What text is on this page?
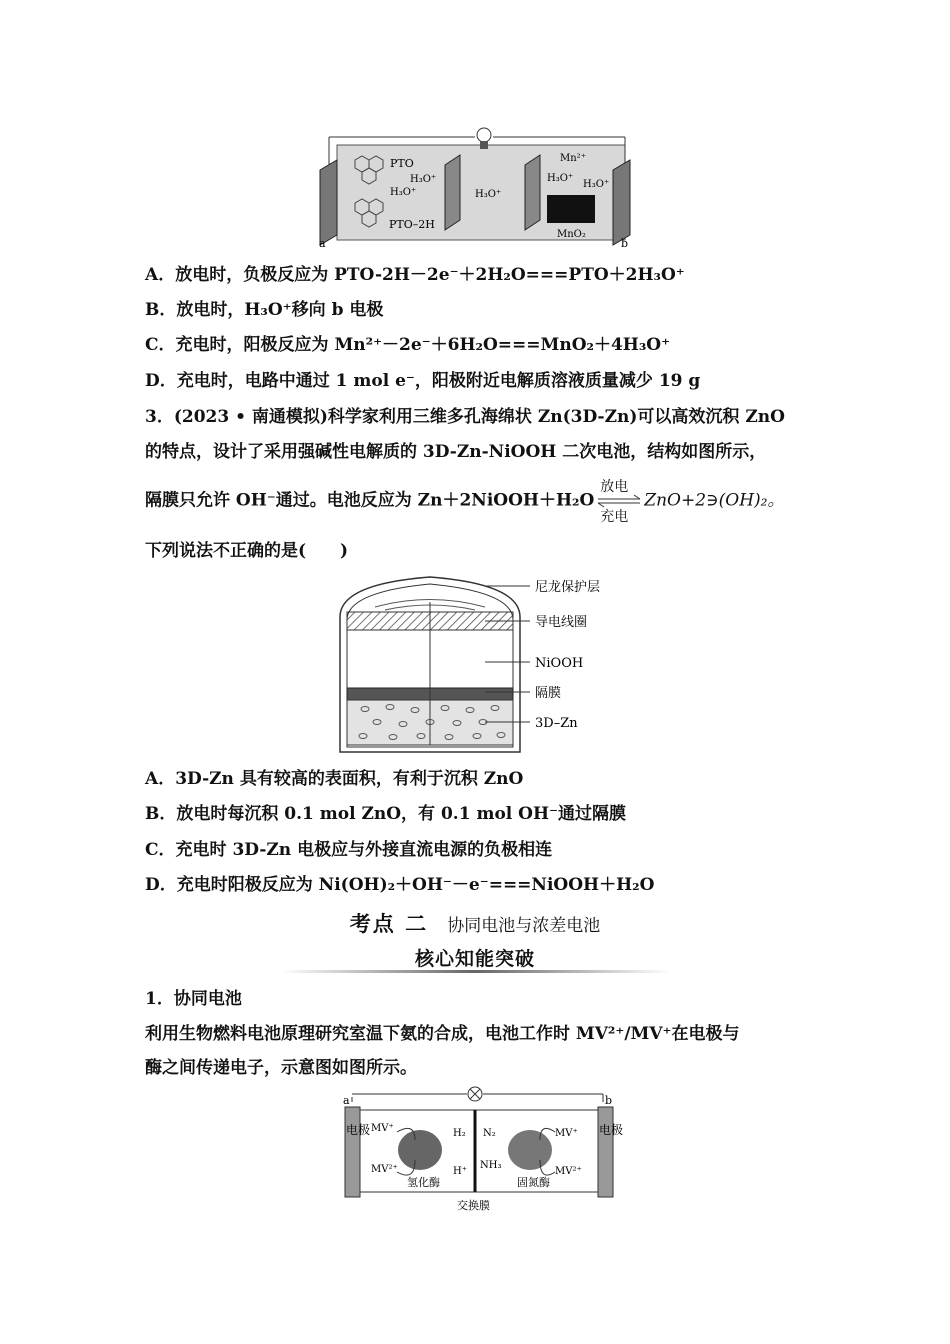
PTO
PTO–2H
H₃O⁺
H₃O⁺	H₃O⁺
Mn²⁺
H₃O⁺
H₃O⁺
MnO₂
a	b
A．放电时，负极反应为 PTO-2H－2e⁻＋2H₂O===PTO＋2H₃O⁺
B．放电时，H₃O⁺移向 b 电极
C．充电时，阳极反应为 Mn²⁺－2e⁻＋6H₂O===MnO₂＋4H₃O⁺
D．充电时，电路中通过 1 mol e⁻，阳极附近电解质溶液质量减少 19 g
3．(2023 • 南通模拟)科学家利用三维多孔海绵状 Zn(3D-Zn)可以高效沉积 ZnO
的特点，设计了采用强碱性电解质的 3D-Zn-NiOOH 二次电池，结构如图所示，
隔膜只允许 OH⁻通过。电池反应为 Zn＋2NiOOH＋H₂O
放电
充电
ZnO+2∋(OH)₂。
下列说法不正确的是(　　)
尼龙保护层
导电线圈
NiOOH
隔膜
3D–Zn
A．3D-Zn 具有较高的表面积，有利于沉积 ZnO
B．放电时每沉积 0.1 mol ZnO，有 0.1 mol OH⁻通过隔膜
C．充电时 3D-Zn 电极应与外接直流电源的负极相连
D．充电时阳极反应为 Ni(OH)₂＋OH⁻－e⁻===NiOOH＋H₂O
考点 二 协同电池与浓差电池
核心知能突破
1．协同电池
利用生物燃料电池原理研究室温下氨的合成，电池工作时 MV²⁺/MV⁺在电极与
酶之间传递电子，示意图如图所示。
a	b
电极	电极
MV⁺
MV²⁺
H₂
H⁺
氢化酶
N₂
NH₃
MV⁺
MV²⁺
固氮酶
交换膜
